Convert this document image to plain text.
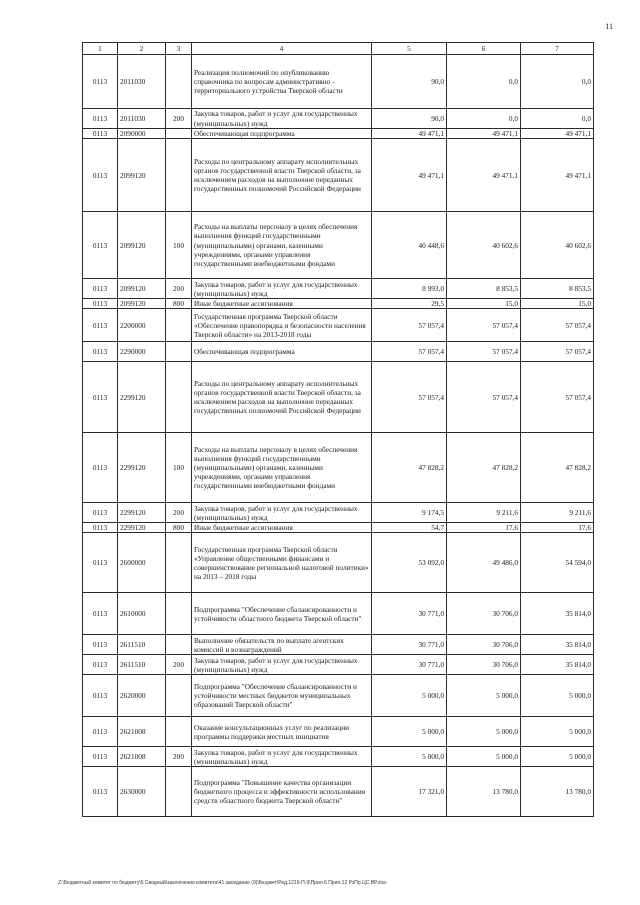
11
1	2	3	4	5	6	7
0113	2011030		Реализация полномочий по опубликованию справочника по вопросам административно - территориального устройства Тверской области	90,0	0,0	0,0
0113	2011030	200	Закупка товаров, работ и услуг для государственных (муниципальных) нужд	90,0	0,0	0,0
0113	2090000		Обеспечивающая подпрограмма	49 471,1	49 471,1	49 471,1
0113	2099120		Расходы по центральному аппарату исполнительных органов государственной власти Тверской области, за исключением расходов на выполнение переданных государственных полномочий Российской Федерации	49 471,1	49 471,1	49 471,1
0113	2099120	100	Расходы на выплаты персоналу в целях обеспечения выполнения функций государственными (муниципальными) органами, казенными учреждениями, органами управления государственными внебюджетными фондами	40 448,6	40 602,6	40 602,6
0113	2099120	200	Закупка товаров, работ и услуг для государственных (муниципальных) нужд	8 993,0	8 853,5	8 853,5
0113	2099120	800	Иные бюджетные ассигнования	29,5	15,0	15,0
0113	2200000		Государственная программа Тверской области «Обеспечение правопорядка и безопасности населения Тверской области» на 2013-2018 годы	57 057,4	57 057,4	57 057,4
0113	2290000		Обеспечивающая подпрограмма	57 057,4	57 057,4	57 057,4
0113	2299120		Расходы по центральному аппарату исполнительных органов государственной власти Тверской области, за исключением расходов на выполнение переданных государственных полномочий Российской Федерации	57 057,4	57 057,4	57 057,4
0113	2299120	100	Расходы на выплаты персоналу в целях обеспечения выполнения функций государственными (муниципальными) органами, казенными учреждениями, органами управления государственными внебюджетными фондами	47 828,2	47 828,2	47 828,2
0113	2299120	200	Закупка товаров, работ и услуг для государственных (муниципальных) нужд	9 174,5	9 211,6	9 211,6
0113	2299120	800	Иные бюджетные ассигнования	54,7	17,6	17,6
0113	2600000		Государственная программа Тверской области «Управление общественными финансами и совершенствование региональной налоговой политики» на 2013 – 2018 годы	53 092,0	49 486,0	54 594,0
0113	2610000		Подпрограмма "Обеспечение сбалансированности и устойчивости областного бюджета Тверской области"	30 771,0	30 706,0	35 814,0
0113	2611510		Выполнение обязательств по выплате агентских комиссий и вознаграждений	30 771,0	30 706,0	35 814,0
0113	2611510	200	Закупка товаров, работ и услуг для государственных (муниципальных) нужд	30 771,0	30 706,0	35 814,0
0113	2620000		Подпрограмма "Обеспечение сбалансированности и устойчивости местных бюджетов муниципальных образований Тверской области"	5 000,0	5 000,0	5 000,0
0113	2621008		Оказание консультационных услуг по реализации программы поддержки местных инициатив	5 000,0	5 000,0	5 000,0
0113	2621008	200	Закупка товаров, работ и услуг для государственных (муниципальных) нужд	5 000,0	5 000,0	5 000,0
0113	2630000		Подпрограмма "Повышение качества организации бюджетного процесса и эффективности использования средств областного бюджета Тверской области"	17 321,0	13 780,0	13 780,0
Z:\Бюджетный комитет по бюджету\5 Сводный\заключения комитета\41 заседание (9)\Бюджет\Ред.1219-П-3\Прил.6 Прил.12 РзПр ЦС ВР.xlsx
